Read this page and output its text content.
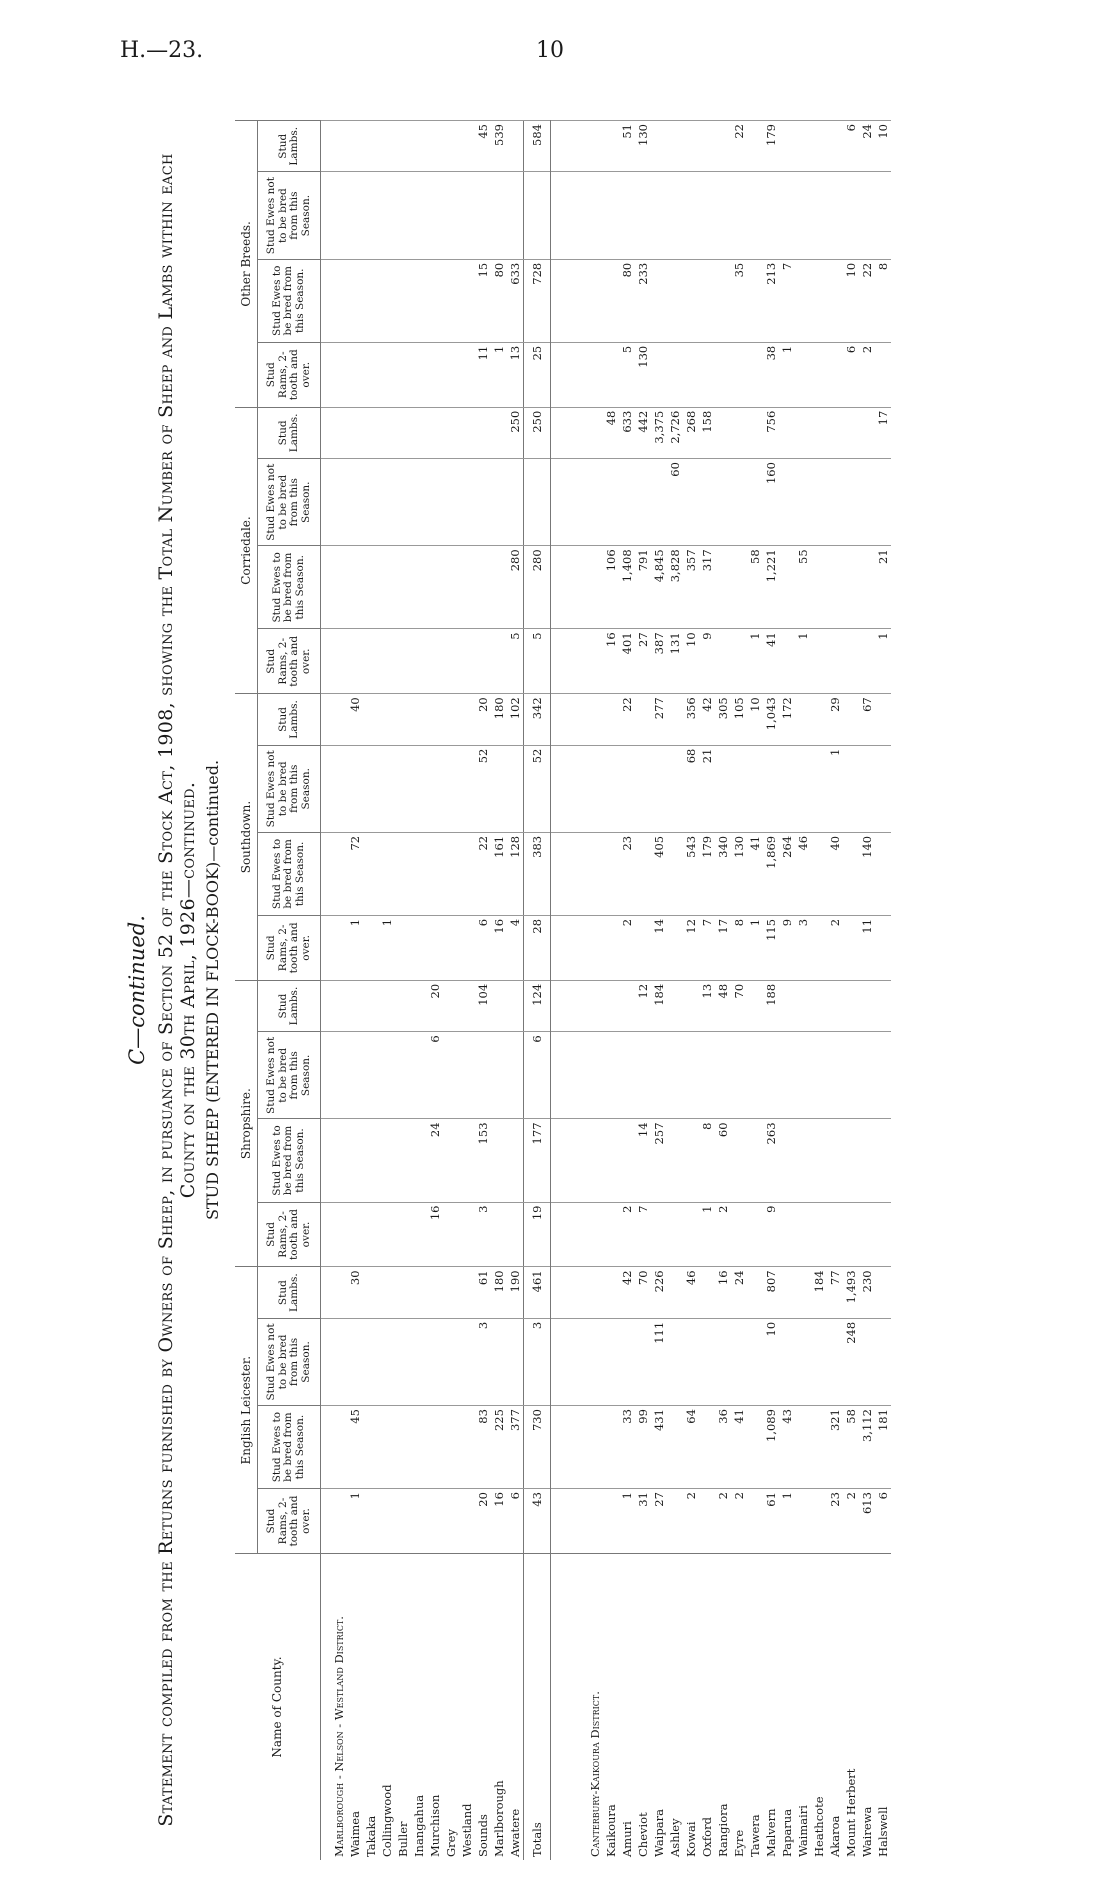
H.—23.	10
C—continued. Statement compiled from the Returns furnished by Owners of Sheep, in pursuance of Section 52 of the Stock Act, 1908, showing the Total Number of Sheep and Lambs within each County on the 30th April, 1926—continued. STUD SHEEP (ENTERED IN FLOCK-BOOK)—continued.
Name of County.	English Leicester.				Shropshire.				Southdown.				Corriedale.				Other Breeds.			
	Stud Rams, 2-tooth and over.	Stud Ewes to be bred from this Season.	Stud Ewes not to be bred from this Season.	Stud Lambs.	Stud Rams, 2-tooth and over.	Stud Ewes to be bred from this Season.	Stud Ewes not to be bred from this Season.	Stud Lambs.	Stud Rams, 2-tooth and over.	Stud Ewes to be bred from this Season.	Stud Ewes not to be bred from this Season.	Stud Lambs.	Stud Rams, 2-tooth and over.	Stud Ewes to be bred from this Season.	Stud Ewes not to be bred from this Season.	Stud Lambs.	Stud Rams, 2-tooth and over.	Stud Ewes to be bred from this Season.	Stud Ewes not to be bred from this Season.	Stud Lambs.
Marlborough - Nelson - Westland District.																				
Waimea	1	45		30					1	72		40								
Takaka																				
Collingwood									1											
Buller																				
Inangahua																				
Murchison					16	24	6	20												
Grey																				
Westland																				
Sounds	20	83	3	61	3	153		104	6	22	52	20					11	15		45
Marlborough	16	225		180					16	161		180					1	80		539
Awatere	6	377		190					4	128		102	5	280		250	13	633		
Totals	43	730	3	461	19	177	6	124	28	383	52	342	5	280		250	25	728		584

Canterbury-Kaikoura District.																				
Kaikoura													16	106		48				
Amuri	1	33		42	2				2	23		22	401	1,408		633	5	80		51
Cheviot	31	99		70	7	14		12					27	791		442	130	233		130
Waipara	27	431	111	226		257		184	14	405		277	387	4,845		3,375				
Ashley													131	3,828	60	2,726				
Kowai	2	64		46					12	543	68	356	10	357		268				
Oxford					1	8		13	7	179	21	42	9	317		158				
Rangiora	2	36		16	2	60		48	17	340		305								
Eyre	2	41		24				70	8	130		105						35		22
Tawera									1	41		10	1	58						
Malvern	61	1,089	10	807	9	263		188	115	1,869		1,043	41	1,221	160	756	38	213		179
Paparua	1	43							9	264		172					1	7		
Waimairi									3	46			1	55						
Heathcote				184																
Akaroa	23	321		77					2	40	1	29								
Mount Herbert	2	58	248	1,493													6	10		6
Wairewa	613	3,112		230					11	140		67					2	22		24
Halswell	6	181											1	21		17		8		10
